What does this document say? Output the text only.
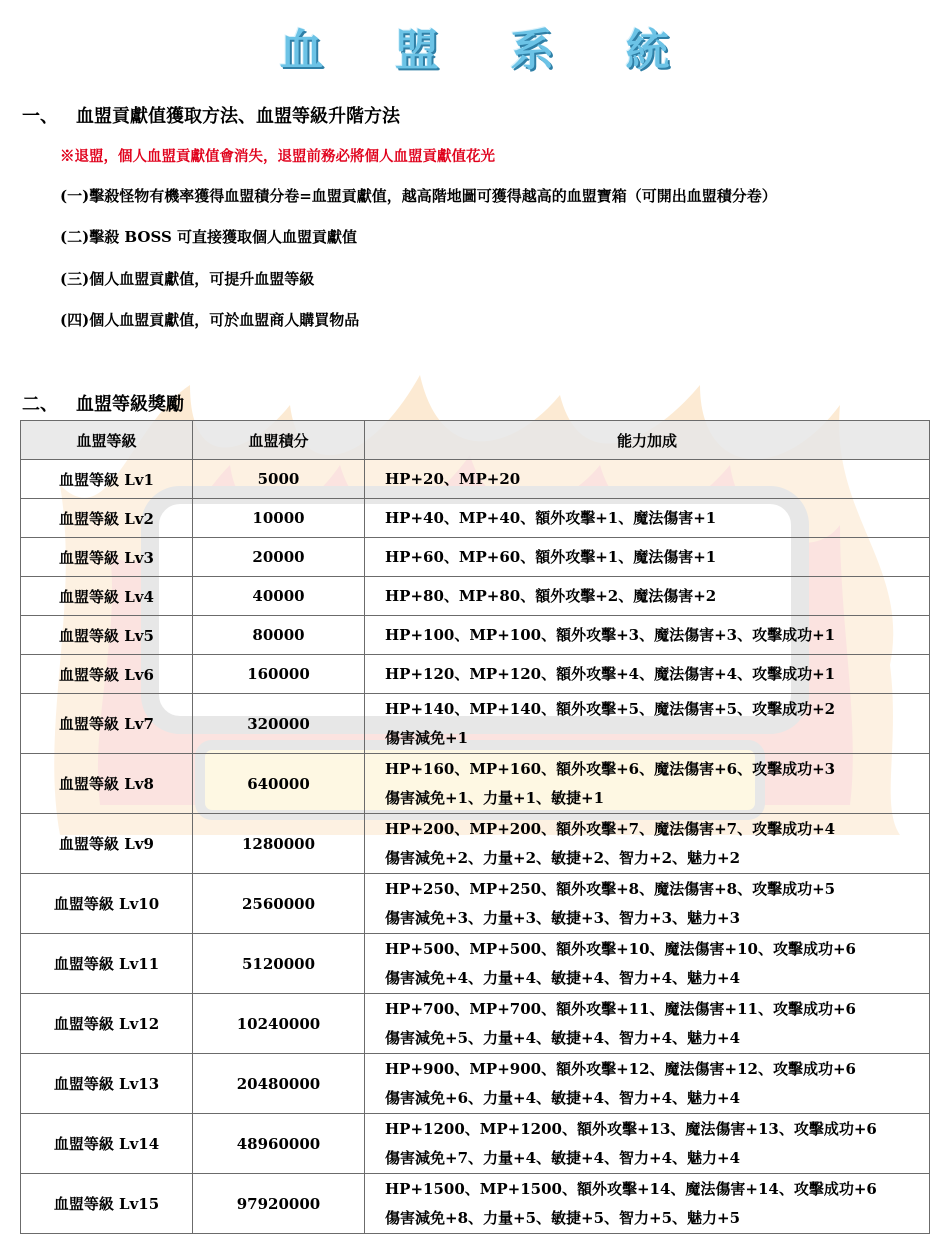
血 盟 系 統
一、 血盟貢獻值獲取方法、血盟等級升階方法
※退盟，個人血盟貢獻值會消失，退盟前務必將個人血盟貢獻值花光
(一)擊殺怪物有機率獲得血盟積分卷=血盟貢獻值，越高階地圖可獲得越高的血盟寶箱（可開出血盟積分卷）
(二)擊殺 BOSS 可直接獲取個人血盟貢獻值
(三)個人血盟貢獻值，可提升血盟等級
(四)個人血盟貢獻值，可於血盟商人購買物品
二、 血盟等級獎勵
血盟等級	血盟積分	能力加成
血盟等級 Lv1	5000	HP+20、MP+20

血盟等級 Lv2	10000	HP+40、MP+40、額外攻擊+1、魔法傷害+1

血盟等級 Lv3	20000	HP+60、MP+60、額外攻擊+1、魔法傷害+1

血盟等級 Lv4	40000	HP+80、MP+80、額外攻擊+2、魔法傷害+2

血盟等級 Lv5	80000	HP+100、MP+100、額外攻擊+3、魔法傷害+3、攻擊成功+1

血盟等級 Lv6	160000	HP+120、MP+120、額外攻擊+4、魔法傷害+4、攻擊成功+1

血盟等級 Lv7	320000	HP+140、MP+140、額外攻擊+5、魔法傷害+5、攻擊成功+2
傷害減免+1

血盟等級 Lv8	640000	HP+160、MP+160、額外攻擊+6、魔法傷害+6、攻擊成功+3
傷害減免+1、力量+1、敏捷+1

血盟等級 Lv9	1280000	HP+200、MP+200、額外攻擊+7、魔法傷害+7、攻擊成功+4
傷害減免+2、力量+2、敏捷+2、智力+2、魅力+2

血盟等級 Lv10	2560000	HP+250、MP+250、額外攻擊+8、魔法傷害+8、攻擊成功+5
傷害減免+3、力量+3、敏捷+3、智力+3、魅力+3

血盟等級 Lv11	5120000	HP+500、MP+500、額外攻擊+10、魔法傷害+10、攻擊成功+6
傷害減免+4、力量+4、敏捷+4、智力+4、魅力+4

血盟等級 Lv12	10240000	HP+700、MP+700、額外攻擊+11、魔法傷害+11、攻擊成功+6
傷害減免+5、力量+4、敏捷+4、智力+4、魅力+4

血盟等級 Lv13	20480000	HP+900、MP+900、額外攻擊+12、魔法傷害+12、攻擊成功+6
傷害減免+6、力量+4、敏捷+4、智力+4、魅力+4

血盟等級 Lv14	48960000	HP+1200、MP+1200、額外攻擊+13、魔法傷害+13、攻擊成功+6
傷害減免+7、力量+4、敏捷+4、智力+4、魅力+4

血盟等級 Lv15	97920000	HP+1500、MP+1500、額外攻擊+14、魔法傷害+14、攻擊成功+6
傷害減免+8、力量+5、敏捷+5、智力+5、魅力+5
